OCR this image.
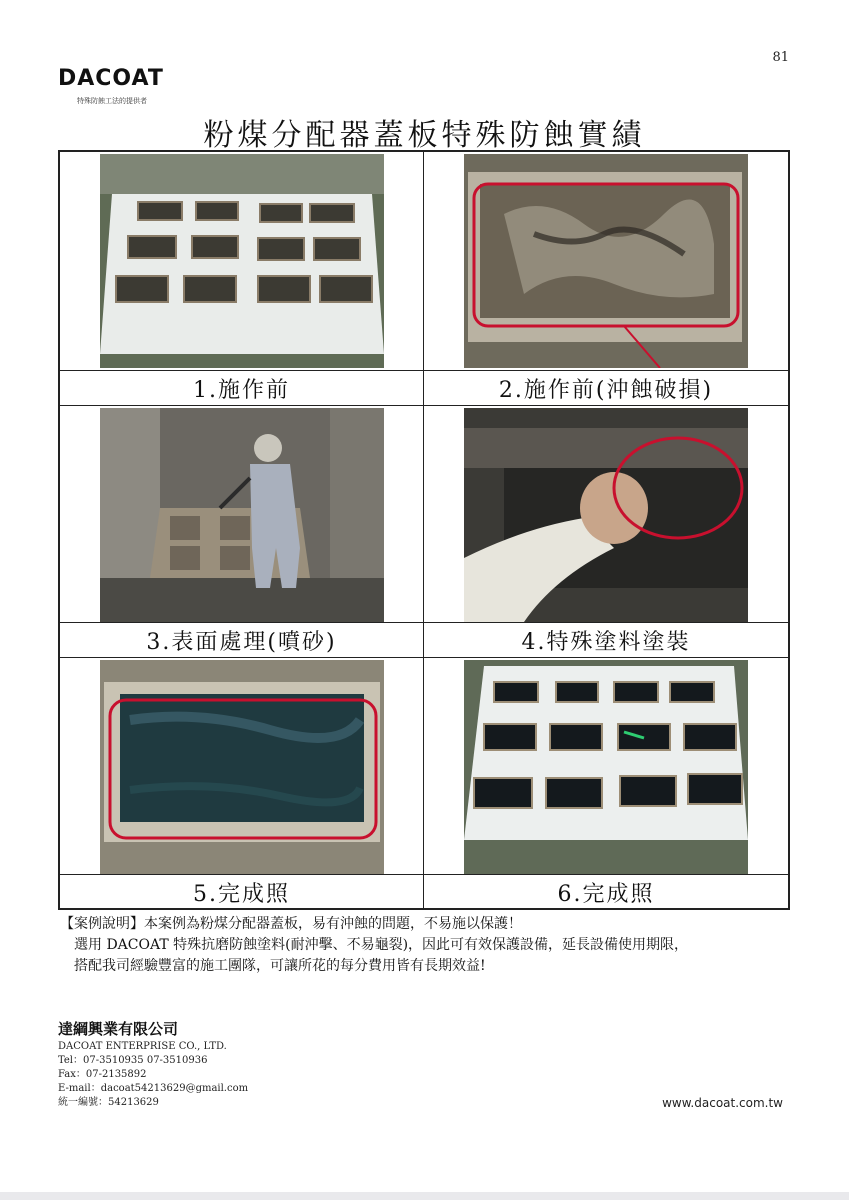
81
DACOAT
特殊防蝕工法的提供者
粉煤分配器蓋板特殊防蝕實績
1.施作前	2.施作前(沖蝕破損)
3.表面處理(噴砂)	4.特殊塗料塗裝
5.完成照	6.完成照
【案例說明】本案例為粉煤分配器蓋板，易有沖蝕的問題，不易施以保護！
選用 DACOAT 特殊抗磨防蝕塗料(耐沖擊、不易龜裂)，因此可有效保護設備，延長設備使用期限，
搭配我司經驗豐富的施工團隊，可讓所花的每分費用皆有長期效益!
達綱興業有限公司
DACOAT ENTERPRISE CO., LTD.
Tel：07-3510935 07-3510936
Fax：07-2135892
E-mail：dacoat54213629@gmail.com
統一編號：54213629	www.dacoat.com.tw
